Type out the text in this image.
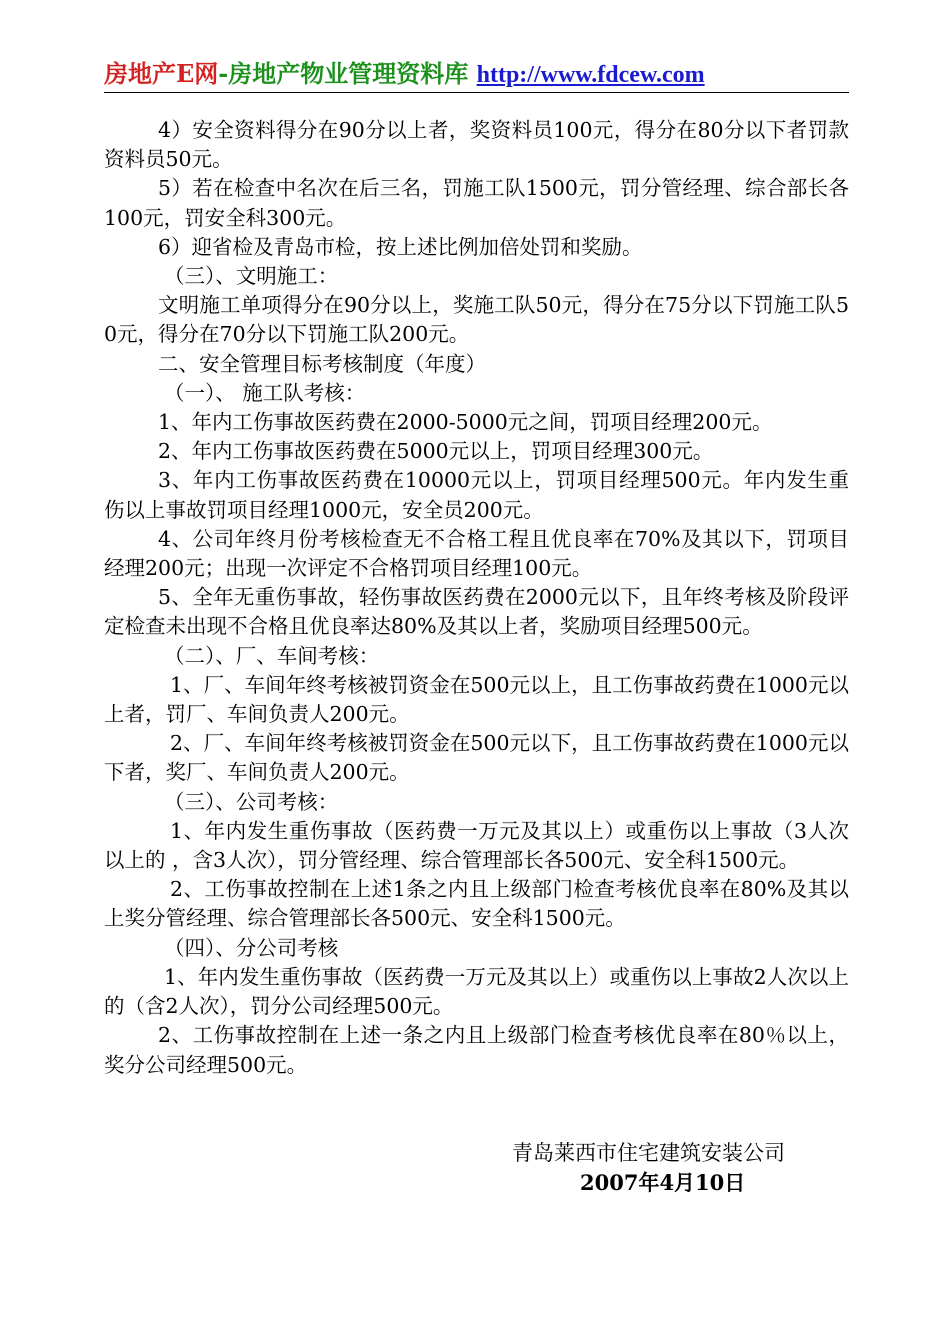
房地产E网-房地产物业管理资料库 http://www.fdcew.com

4）安全资料得分在90分以上者，奖资料员100元，得分在80分以下者罚款资料员50元。

5）若在检查中名次在后三名，罚施工队1500元，罚分管经理、综合部长各100元，罚安全科300元。

6）迎省检及青岛市检，按上述比例加倍处罚和奖励。

（三）、文明施工：

文明施工单项得分在90分以上，奖施工队50元，得分在75分以下罚施工队50元，得分在70分以下罚施工队200元。

二、安全管理目标考核制度（年度）

（一）、 施工队考核：

1、年内工伤事故医药费在2000-5000元之间，罚项目经理200元。

2、年内工伤事故医药费在5000元以上，罚项目经理300元。

3、年内工伤事故医药费在10000元以上，罚项目经理500元。年内发生重伤以上事故罚项目经理1000元，安全员200元。

4、公司年终月份考核检查无不合格工程且优良率在70%及其以下，罚项目经理200元；出现一次评定不合格罚项目经理100元。

5、全年无重伤事故，轻伤事故医药费在2000元以下，且年终考核及阶段评定检查未出现不合格且优良率达80%及其以上者，奖励项目经理500元。

（二）、厂、车间考核：

1、厂、车间年终考核被罚资金在500元以上，且工伤事故药费在1000元以上者，罚厂、车间负责人200元。

2、厂、车间年终考核被罚资金在500元以下，且工伤事故药费在1000元以下者，奖厂、车间负责人200元。

（三）、公司考核：

1、年内发生重伤事故（医药费一万元及其以上）或重伤以上事故（3人次以上的 ，含3人次），罚分管经理、综合管理部长各500元、安全科1500元。

2、工伤事故控制在上述1条之内且上级部门检查考核优良率在80%及其以上奖分管经理、综合管理部长各500元、安全科1500元。

（四）、分公司考核

1、年内发生重伤事故（医药费一万元及其以上）或重伤以上事故2人次以上的（含2人次），罚分公司经理500元。

2、工伤事故控制在上述一条之内且上级部门检查考核优良率在80％以上，奖分公司经理500元。

青岛莱西市住宅建筑安装公司
2007年4月10日
